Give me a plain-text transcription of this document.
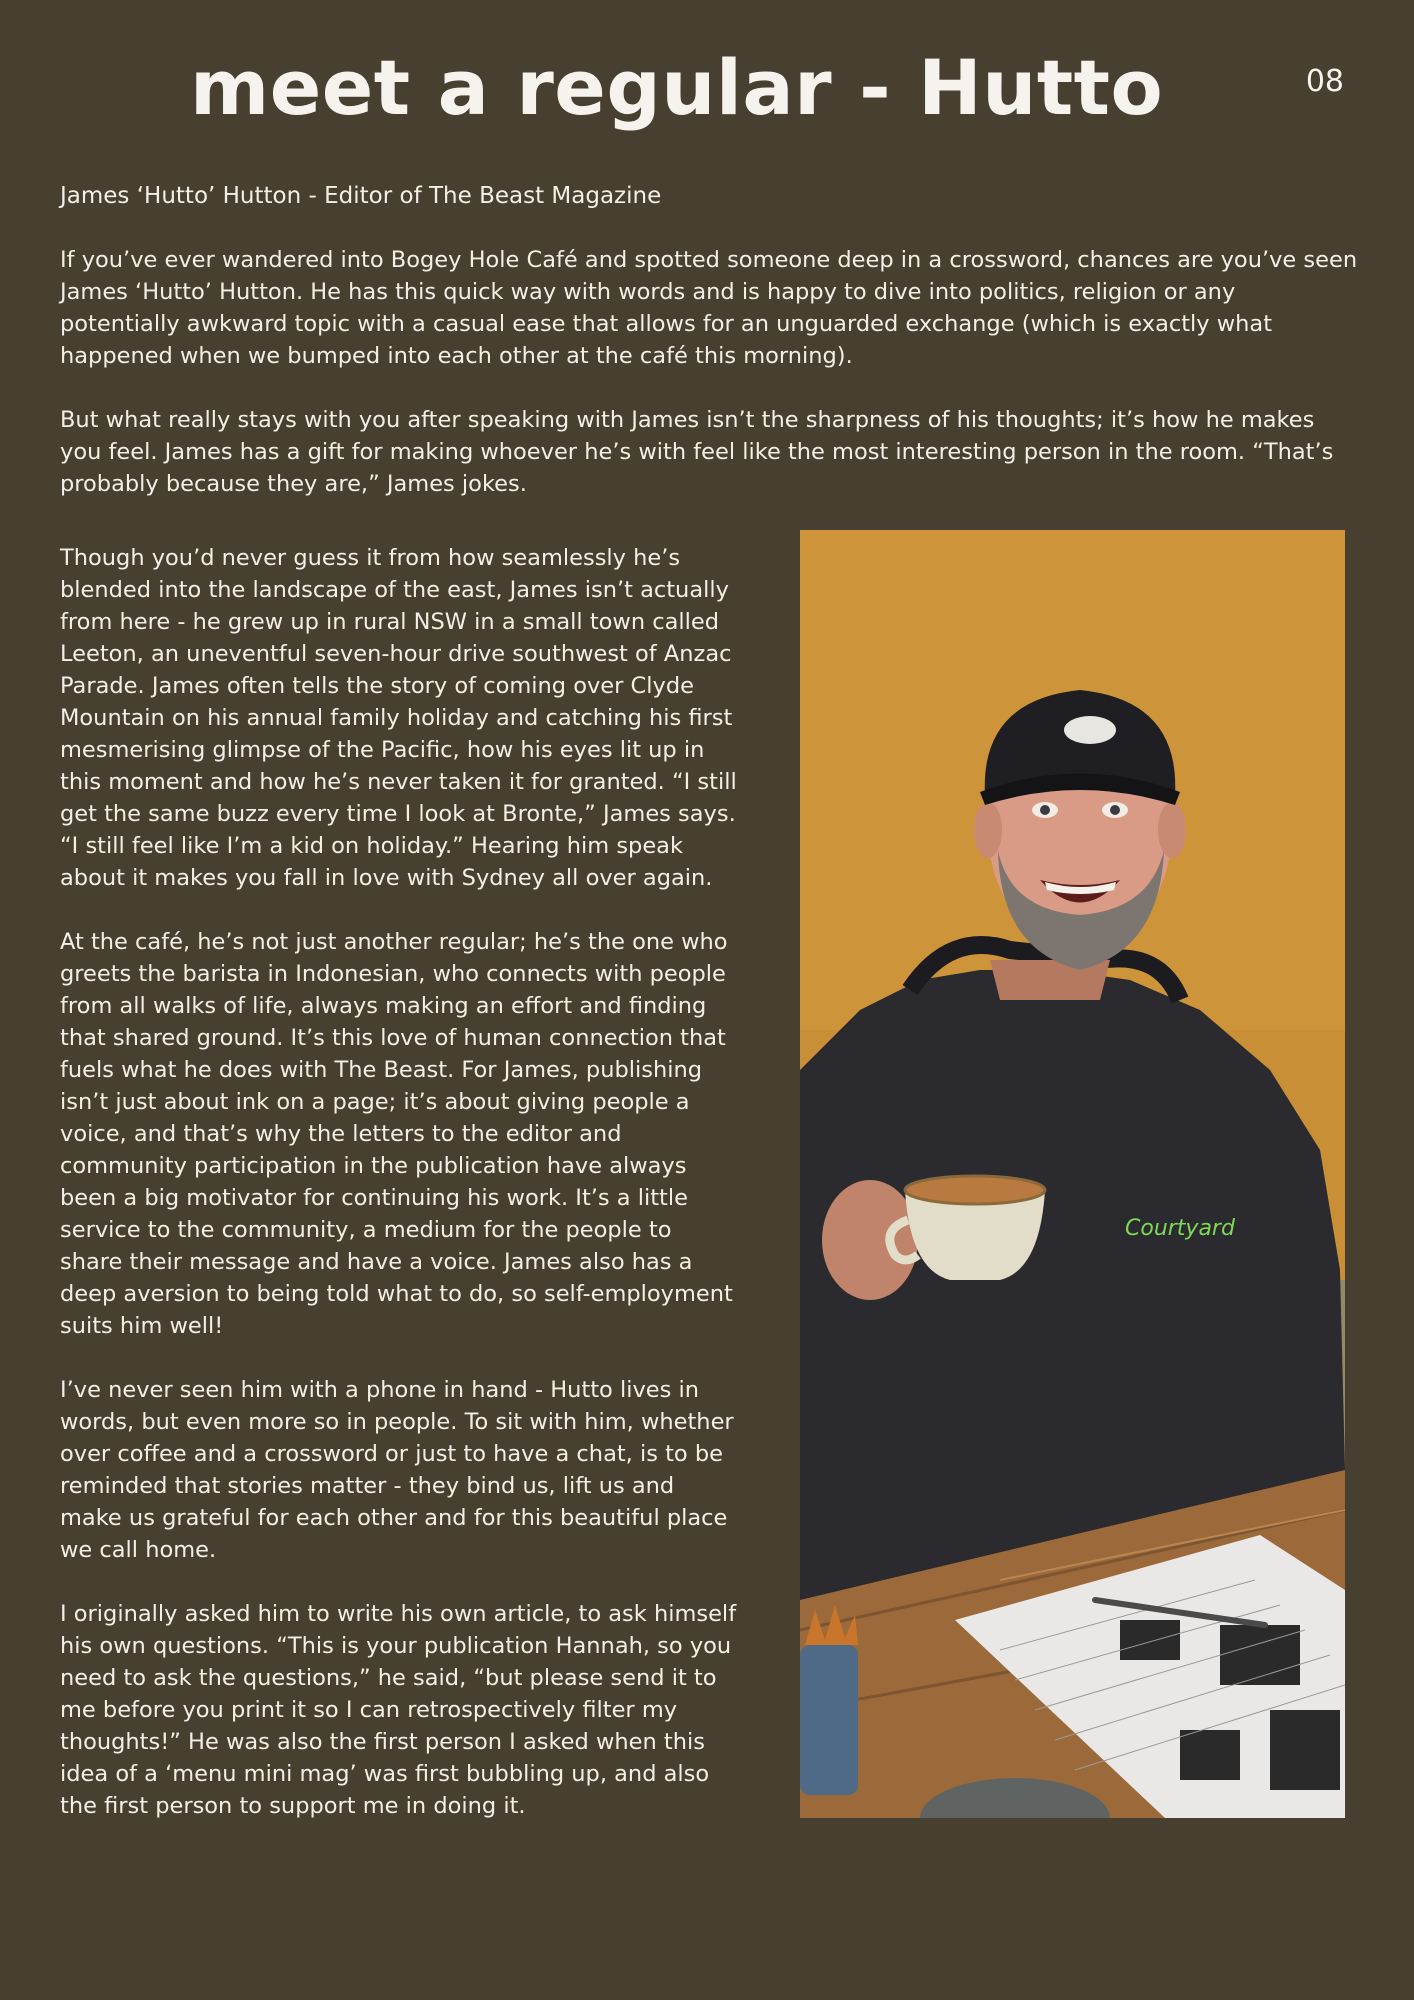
meet a regular - Hutto	08
James ‘Hutto’ Hutton - Editor of The Beast Magazine

If you’ve ever wandered into Bogey Hole Café and spotted someone deep in a crossword, chances are you’ve seen James ‘Hutto’ Hutton. He has this quick way with words and is happy to dive into politics, religion or any potentially awkward topic with a casual ease that allows for an unguarded exchange (which is exactly what happened when we bumped into each other at the café this morning).

But what really stays with you after speaking with James isn’t the sharpness of his thoughts; it’s how he makes you feel. James has a gift for making whoever he’s with feel like the most interesting person in the room. “That’s probably because they are,” James jokes.

Though you’d never guess it from how seamlessly he’s blended into the landscape of the east, James isn’t actually from here - he grew up in rural NSW in a small town called Leeton, an uneventful seven-hour drive southwest of Anzac Parade. James often tells the story of coming over Clyde Mountain on his annual family holiday and catching his first mesmerising glimpse of the Pacific, how his eyes lit up in this moment and how he’s never taken it for granted. “I still get the same buzz every time I look at Bronte,” James says. “I still feel like I’m a kid on holiday.” Hearing him speak about it makes you fall in love with Sydney all over again.

At the café, he’s not just another regular; he’s the one who greets the barista in Indonesian, who connects with people from all walks of life, always making an effort and finding that shared ground. It’s this love of human connection that fuels what he does with The Beast. For James, publishing isn’t just about ink on a page; it’s about giving people a voice, and that’s why the letters to the editor and community participation in the publication have always been a big motivator for continuing his work. It’s a little service to the community, a medium for the people to share their message and have a voice. James also has a deep aversion to being told what to do, so self-employment suits him well!

I’ve never seen him with a phone in hand - Hutto lives in words, but even more so in people. To sit with him, whether over coffee and a crossword or just to have a chat, is to be reminded that stories matter - they bind us, lift us and make us grateful for each other and for this beautiful place we call home.

I originally asked him to write his own article, to ask himself his own questions. “This is your publication Hannah, so you need to ask the questions,” he said, “but please send it to me before you print it so I can retrospectively filter my thoughts!” He was also the first person I asked when this idea of a ‘menu mini mag’ was first bubbling up, and also the first person to support me in doing it.

Courtyard
